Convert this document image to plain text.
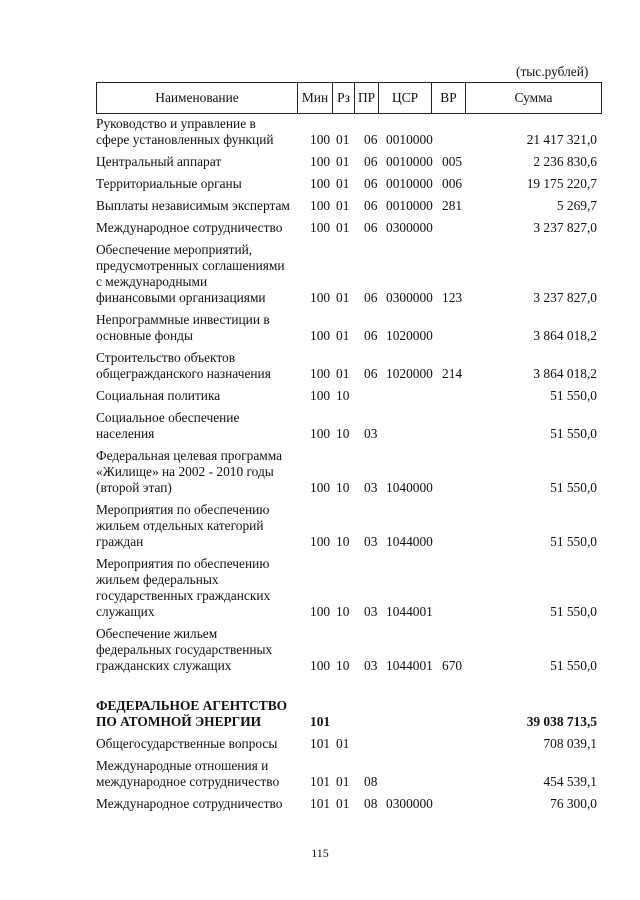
(тыс.рублей)
Наименование	Мин Рз ПР	ЦСР	ВР	Сумма
Руководство и управление в
сфере установленных функций	100 01 06 0010000	21 417 321,0
Центральный аппарат	100 01 06 0010000 005	2 236 830,6
Территориальные органы	100 01 06 0010000 006	19 175 220,7
Выплаты независимым экспертам	100 01 06 0010000 281	5 269,7
Международное сотрудничество	100 01 06 0300000	3 237 827,0
Обеспечение мероприятий,
предусмотренных соглашениями
с международными
финансовыми организациями	100 01 06 0300000 123	3 237 827,0
Непрограммные инвестиции в
основные фонды	100 01 06 1020000	3 864 018,2
Строительство объектов
общегражданского назначения	100 01 06 1020000 214	3 864 018,2
Социальная политика	100 10	51 550,0
Социальное обеспечение
населения	100 10 03	51 550,0
Федеральная целевая программа
«Жилище» на 2002 - 2010 годы
(второй этап)	100 10 03 1040000	51 550,0
Мероприятия по обеспечению
жильем отдельных категорий
граждан	100 10 03 1044000	51 550,0
Мероприятия по обеспечению
жильем федеральных
государственных гражданских
служащих	100 10 03 1044001	51 550,0
Обеспечение жильем
федеральных государственных
гражданских служащих	100 10 03 1044001 670	51 550,0
ФЕДЕРАЛЬНОЕ АГЕНТСТВО
ПО АТОМНОЙ ЭНЕРГИИ	101	39 038 713,5
Общегосударственные вопросы	101 01	708 039,1
Международные отношения и
международное сотрудничество	101 01 08	454 539,1
Международное сотрудничество	101 01 08 0300000	76 300,0
115
